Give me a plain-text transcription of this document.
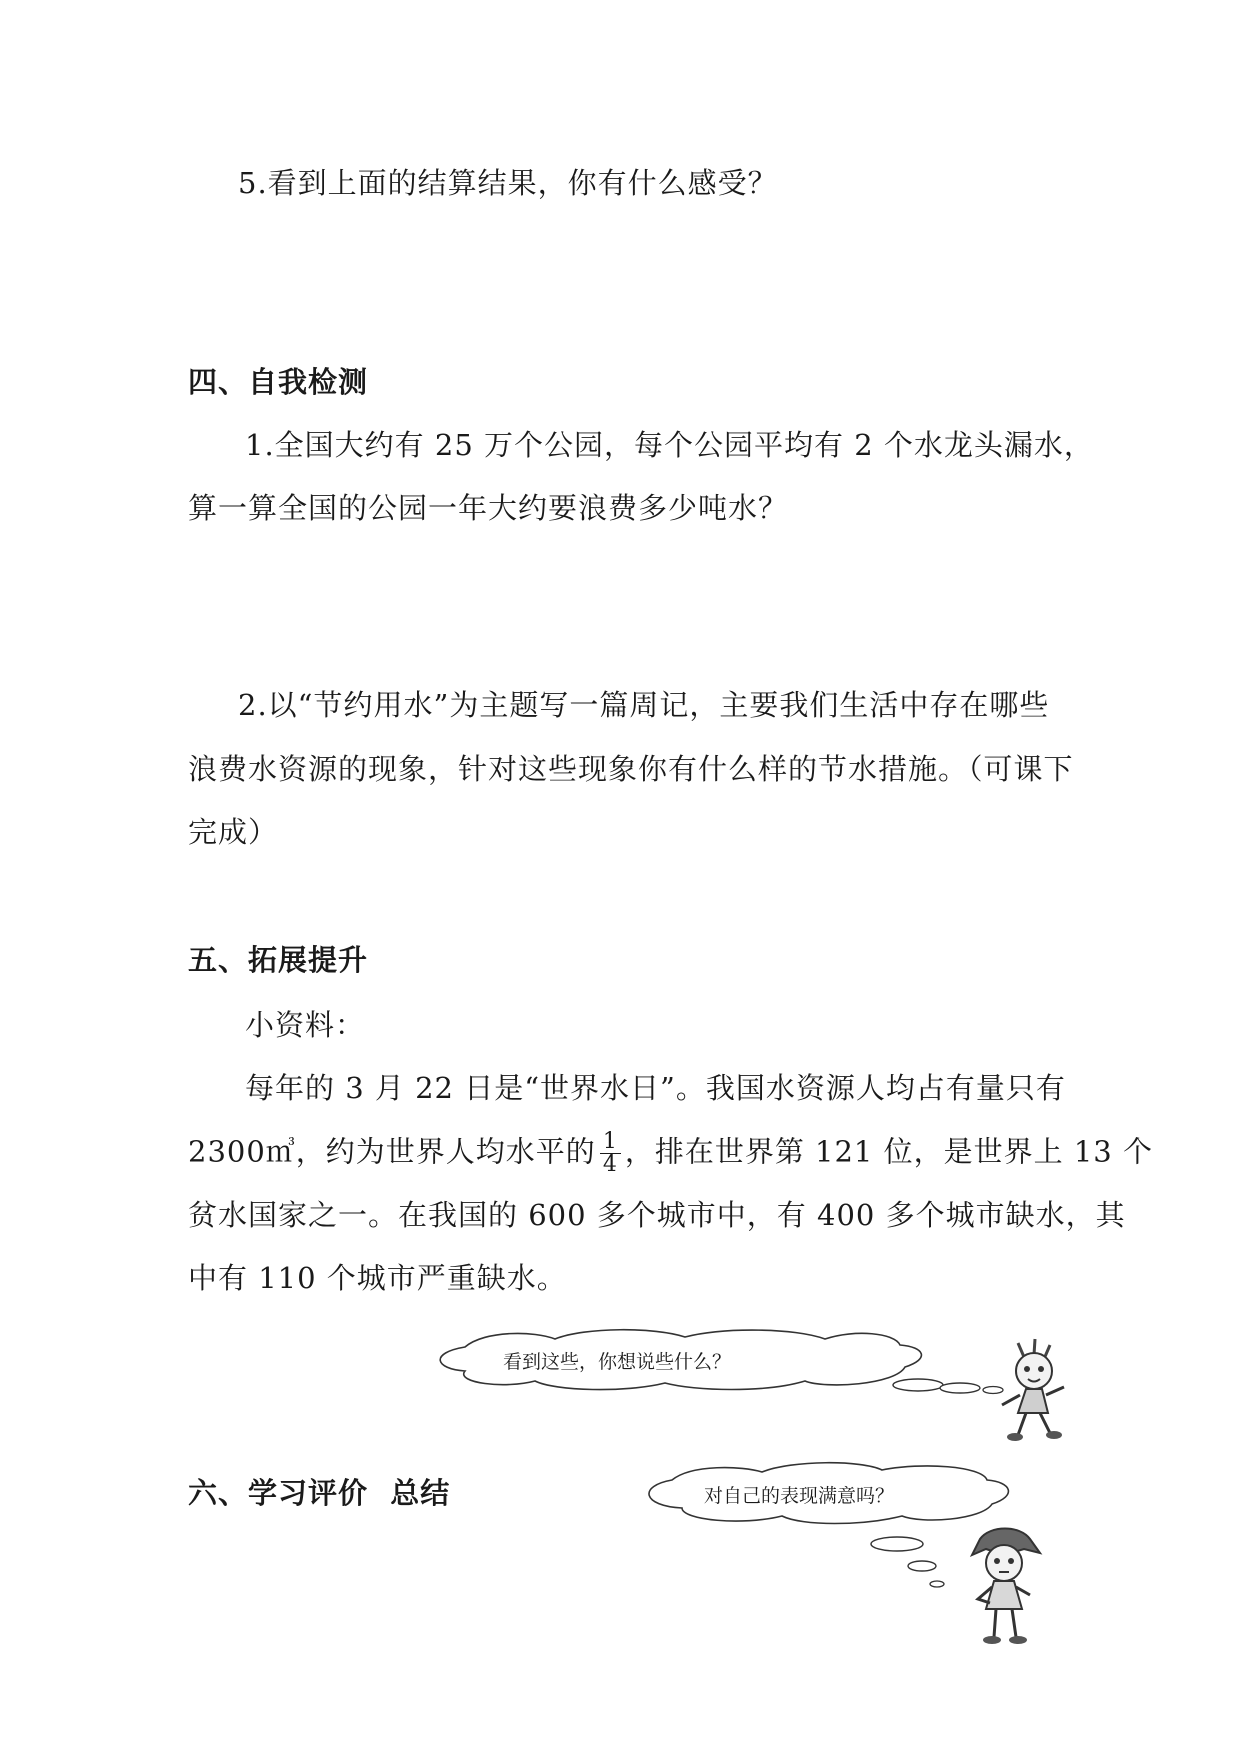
5.看到上面的结算结果，你有什么感受？
四、自我检测
1.全国大约有 25 万个公园，每个公园平均有 2 个水龙头漏水，
算一算全国的公园一年大约要浪费多少吨水？
2.以“节约用水”为主题写一篇周记，主要我们生活中存在哪些
浪费水资源的现象，针对这些现象你有什么样的节水措施。（可课下
完成）
五、拓展提升
小资料：
每年的 3 月 22 日是“世界水日”。我国水资源人均占有量只有
2300㎥，约为世界人均水平的 $\frac{1}{4}$ ，排在世界第 121 位，是世界上 13 个
贫水国家之一。在我国的 600 多个城市中，有 400 多个城市缺水，其
中有 110 个城市严重缺水。
看到这些，你想说些什么？
六、学习评价  总结	对自己的表现满意吗？
